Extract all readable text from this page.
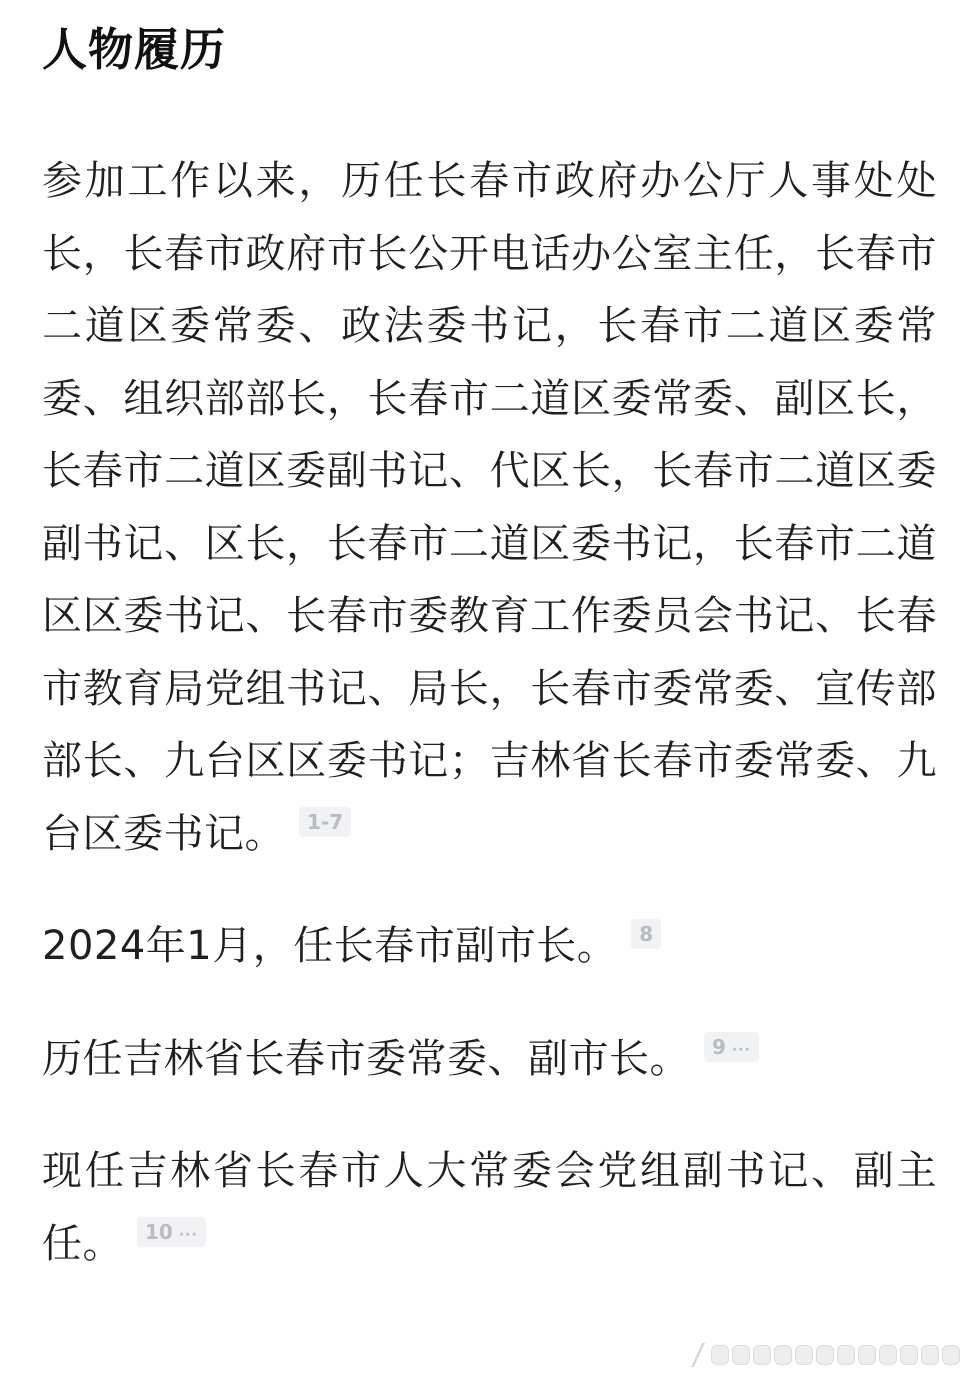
人物履历

参加工作以来，历任长春市政府办公厅人事处处长，长春市政府市长公开电话办公室主任，长春市二道区委常委、政法委书记，长春市二道区委常委、组织部部长，长春市二道区委常委、副区长，长春市二道区委副书记、代区长，长春市二道区委副书记、区长，长春市二道区委书记，长春市二道区区委书记、长春市委教育工作委员会书记、长春市教育局党组书记、局长，长春市委常委、宣传部部长、九台区区委书记；吉林省长春市委常委、九台区委书记。 1-7

2024年1月，任长春市副市长。 8

历任吉林省长春市委常委、副市长。 9 ···

现任吉林省长春市人大常委会党组副书记、副主任。 10 ···
